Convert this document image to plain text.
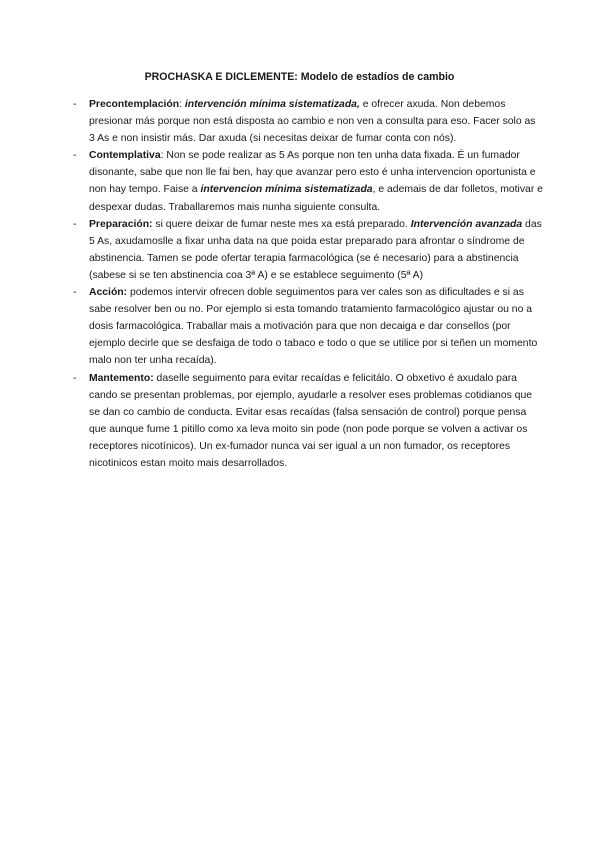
PROCHASKA E DICLEMENTE: Modelo de estadíos de cambio
-	Precontemplación: intervención mínima sistematizada, e ofrecer axuda. Non debemos presionar más porque non está disposta ao cambio e non ven a consulta para eso. Facer solo as 3 As e non insistir más. Dar axuda (si necesitas deixar de fumar conta con nós).
-	Contemplativa: Non se pode realizar as 5 As porque non ten unha data fixada. É un fumador disonante, sabe que non lle fai ben, hay que avanzar pero esto é unha intervencion oportunista e non hay tempo. Faise a intervencion mínima sistematizada, e ademais de dar folletos, motivar e despexar dudas. Traballaremos mais nunha siguiente consulta.
-	Preparación: si quere deixar de fumar neste mes xa está preparado. Intervención avanzada das 5 As, axudamoslle a fixar unha data na que poida estar preparado para afrontar o síndrome de abstinencia. Tamen se pode ofertar terapia farmacológica (se é necesario) para a abstinencia (sabese si se ten abstinencia coa 3ª A) e se establece seguimento (5ª A)
-	Acción: podemos intervir ofrecen doble seguimentos para ver cales son as dificultades e si as sabe resolver ben ou no. Por ejemplo si esta tomando tratamiento farmacológico ajustar ou no a dosis farmacológica. Traballar mais a motivación para que non decaiga e dar consellos (por ejemplo decirle que se desfaiga de todo o tabaco e todo o que se utilice por si teñen un momento malo non ter unha recaída).
-	Mantemento: daselle seguimento para evitar recaídas e felicitálo. O obxetivo é axudalo para cando se presentan problemas, por ejemplo, ayudarle a resolver eses problemas cotidianos que se dan co cambio de conducta. Evitar esas recaídas (falsa sensación de control) porque pensa que aunque fume 1 pitillo como xa leva moito sin pode (non pode porque se volven a activar os receptores nicotínicos). Un ex-fumador nunca vai ser igual a un non fumador, os receptores nicotinicos estan moito mais desarrollados.
